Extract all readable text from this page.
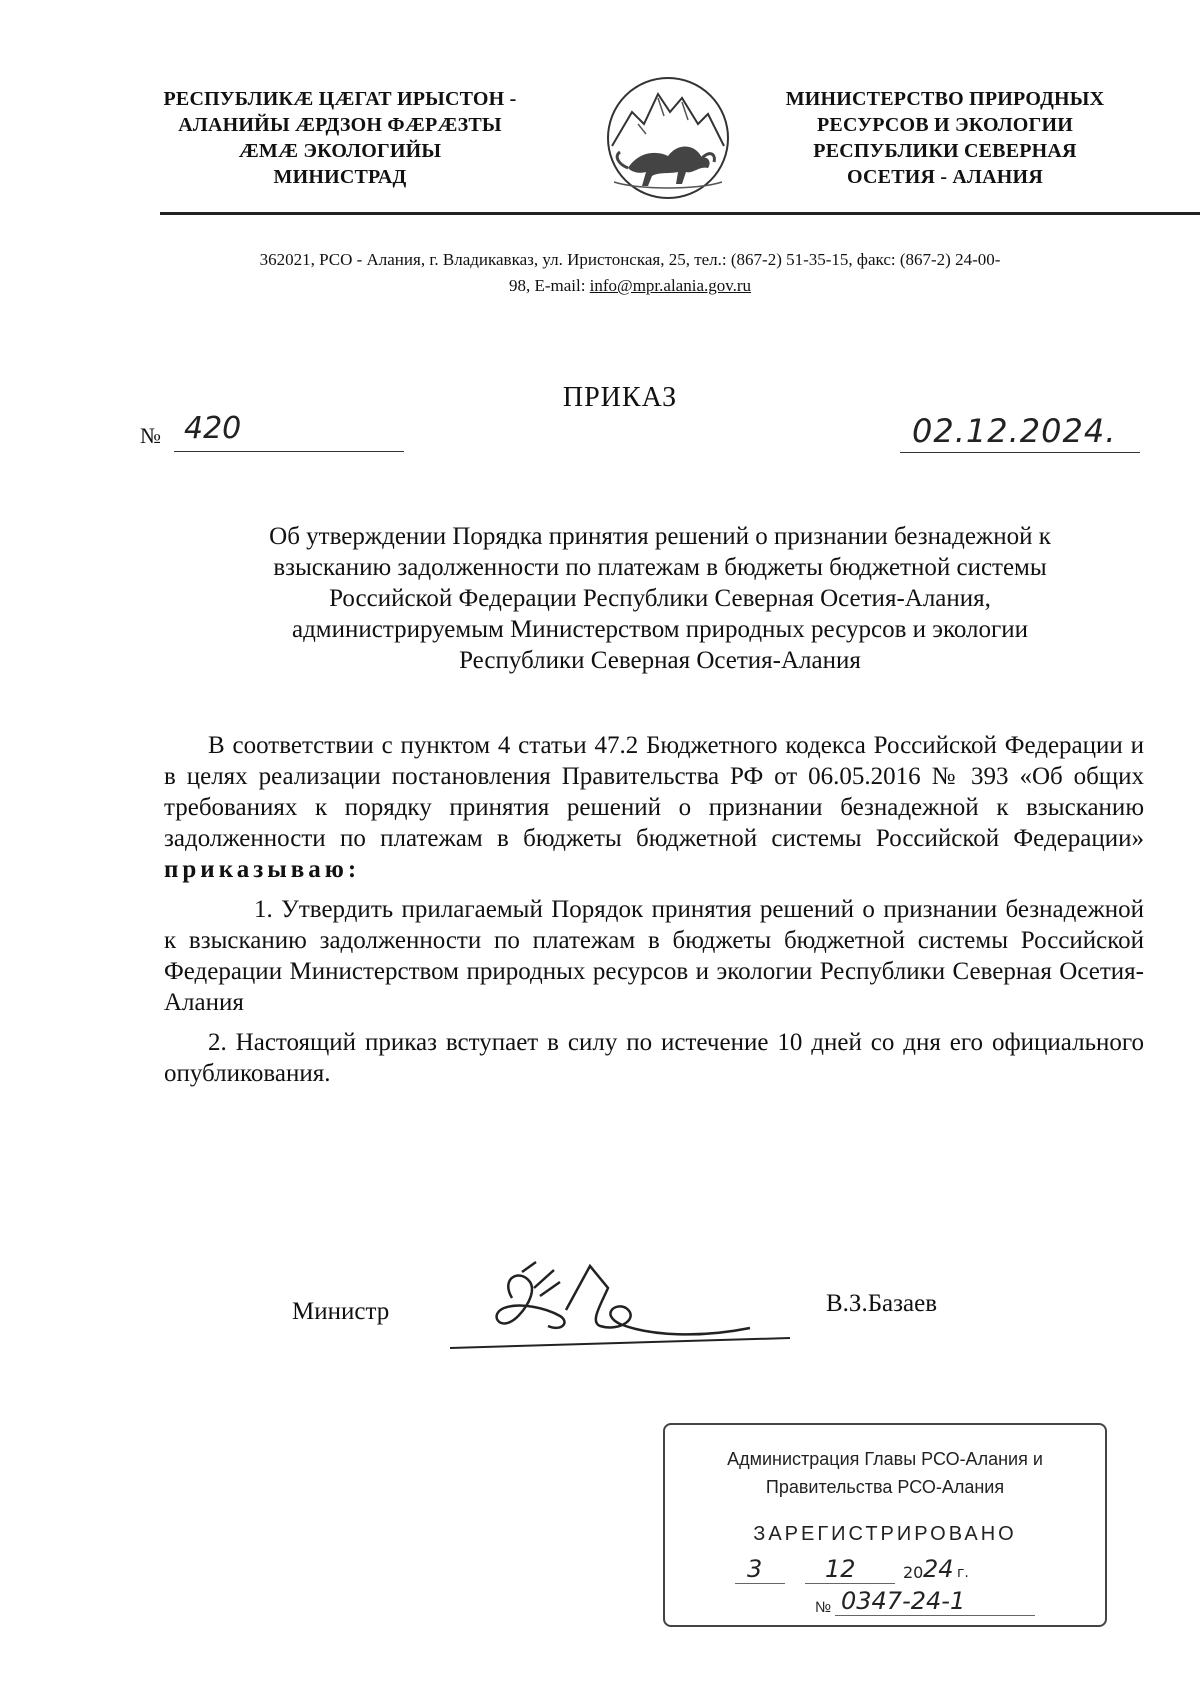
РЕСПУБЛИКӔ ЦӔГАТ ИРЫСТОН -
АЛАНИЙЫ ӔРДЗОН ФӔРӔЗТЫ
ӔМӔ ЭКОЛОГИЙЫ
МИНИСТРАД
МИНИСТЕРСТВО ПРИРОДНЫХ
РЕСУРСОВ И ЭКОЛОГИИ
РЕСПУБЛИКИ СЕВЕРНАЯ
ОСЕТИЯ - АЛАНИЯ
362021, РСО - Алания, г. Владикавказ, ул. Иристонская, 25, тел.: (867-2) 51-35-15, факс: (867-2) 24-00-
98, E-mail: info@mpr.alania.gov.ru
ПРИКАЗ
№ 420	02.12.2024.
Об утверждении Порядка принятия решений о признании безнадежной к
взысканию задолженности по платежам в бюджеты бюджетной системы
Российской Федерации Республики Северная Осетия-Алания,
администрируемым Министерством природных ресурсов и экологии
Республики Северная Осетия-Алания
В соответствии с пунктом 4 статьи 47.2 Бюджетного кодекса Российской Федерации и в целях реализации постановления Правительства РФ от 06.05.2016 № 393 «Об общих требованиях к порядку принятия решений о признании безнадежной к взысканию задолженности по платежам в бюджеты бюджетной системы Российской Федерации» приказываю:
1. Утвердить прилагаемый Порядок принятия решений о признании безнадежной к взысканию задолженности по платежам в бюджеты бюджетной системы Российской Федерации Министерством природных ресурсов и экологии Республики Северная Осетия-Алания
2. Настоящий приказ вступает в силу по истечение 10 дней со дня его официального опубликования.
Министр	В.З.Базаев
Администрация Главы РСО-Алания и
Правительства РСО-Алания
ЗАРЕГИСТРИРОВАНО
3	12	20 24 г.
№ 0347-24-1
